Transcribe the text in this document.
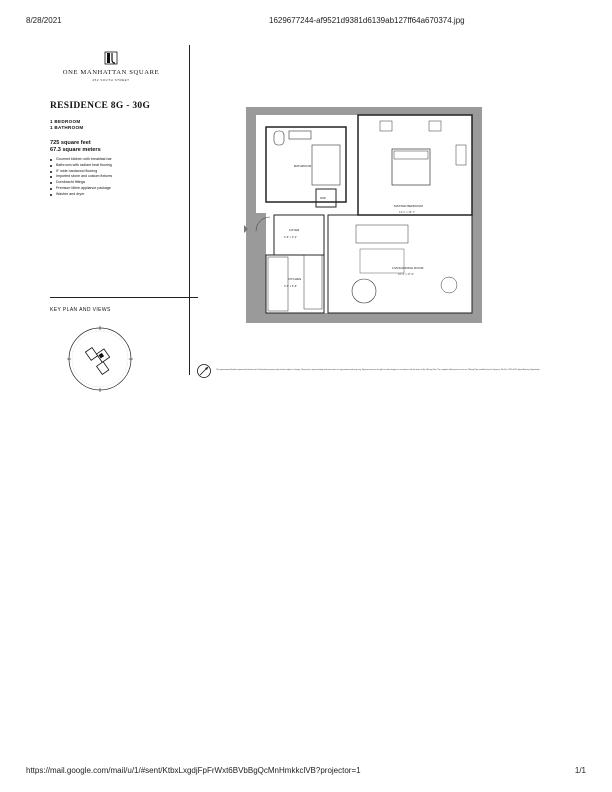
8/28/2021	1629677244-af9521d9381d6139ab127ff64a670374.jpg
ONE MANHATTAN SQUARE
252 SOUTH STREET
RESIDENCE 8G - 30G
1 BEDROOM
1 BATHROOM
725 square feet
67.3 square meters
Gourmet kitchen with breakfast bar
Bathroom with radiant heat flooring
5" wide hardwood flooring
Imported stone and custom fixtures
Dornbracht fittings
Premium Miele appliance package
Washer and dryer
KEY PLAN AND VIEWS
BATHROOM
W/D
MASTER BEDROOM
13'-1" x 15'-7"
FOYER
6'-8" x 9'-3"
KITCHEN
9'-5" x 8'-8"
LIVING/DINING ROOM
16'-4" x 17'-9"
The improvements/finishes represented herein are for illustrative purposes only and are subject to change. Dimensions, square footage and room sizes are approximate and may vary. Sponsor reserves the right to make changes in accordance with the terms of the Offering Plan. The complete offering terms are in an Offering Plan available from the Sponsor. File No. CD15-0026. Equal Housing Opportunity.
https://mail.google.com/mail/u/1/#sent/KtbxLxgdjFpFrWxt6BVbBgQcMnHmkkclVB?projector=1	1/1
